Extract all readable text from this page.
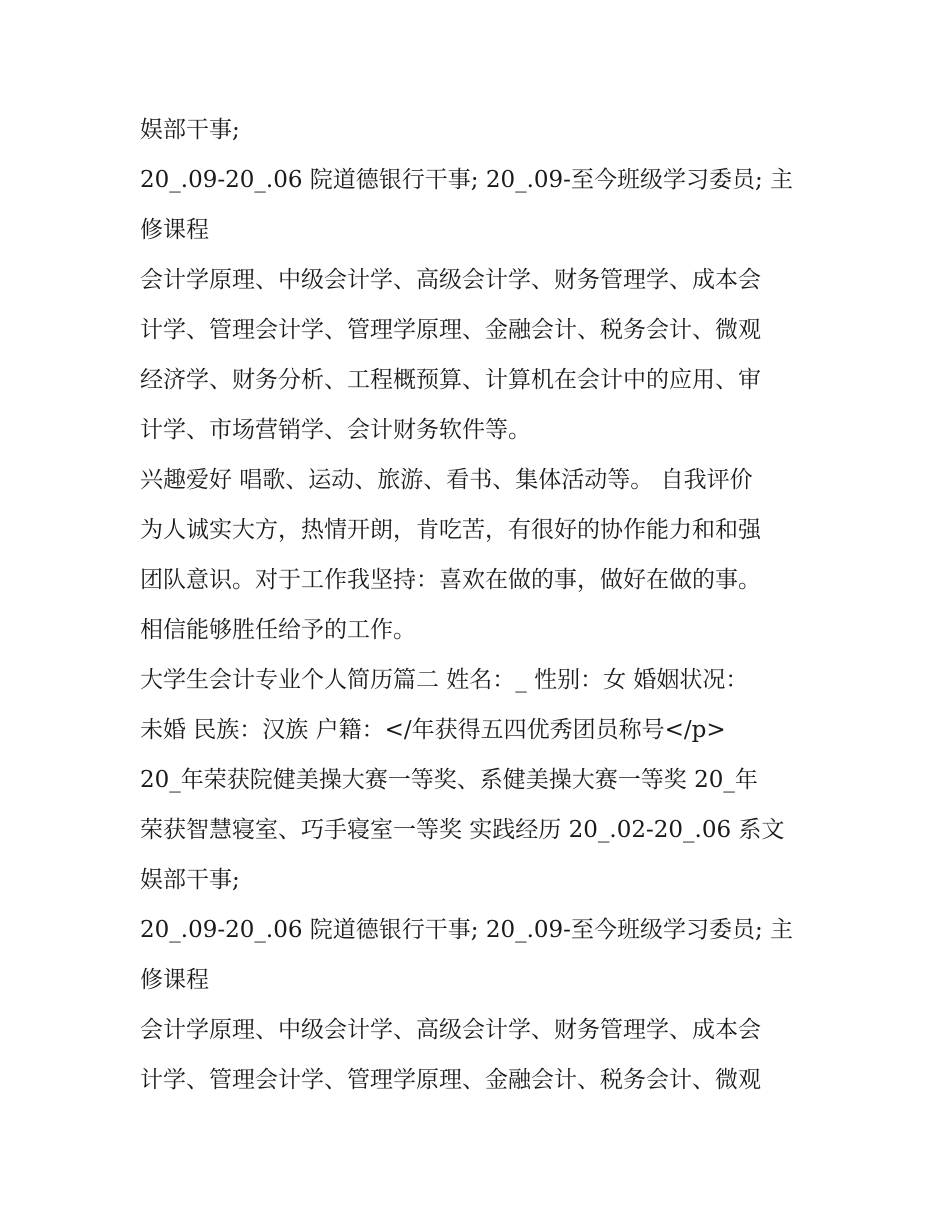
娱部干事;
20_.09-20_.06 院道德银行干事; 20_.09-至今班级学习委员; 主
修课程
会计学原理、中级会计学、高级会计学、财务管理学、成本会
计学、管理会计学、管理学原理、金融会计、税务会计、微观
经济学、财务分析、工程概预算、计算机在会计中的应用、审
计学、市场营销学、会计财务软件等。
兴趣爱好 唱歌、运动、旅游、看书、集体活动等。 自我评价
为人诚实大方，热情开朗，肯吃苦，有很好的协作能力和和强
团队意识。对于工作我坚持：喜欢在做的事，做好在做的事。
相信能够胜任给予的工作。
大学生会计专业个人简历篇二 姓名：_ 性别：女 婚姻状况：
未婚 民族：汉族 户籍：</年获得五四优秀团员称号</p>
20_年荣获院健美操大赛一等奖、系健美操大赛一等奖 20_年
荣获智慧寝室、巧手寝室一等奖 实践经历 20_.02-20_.06 系文
娱部干事;
20_.09-20_.06 院道德银行干事; 20_.09-至今班级学习委员; 主
修课程
会计学原理、中级会计学、高级会计学、财务管理学、成本会
计学、管理会计学、管理学原理、金融会计、税务会计、微观
